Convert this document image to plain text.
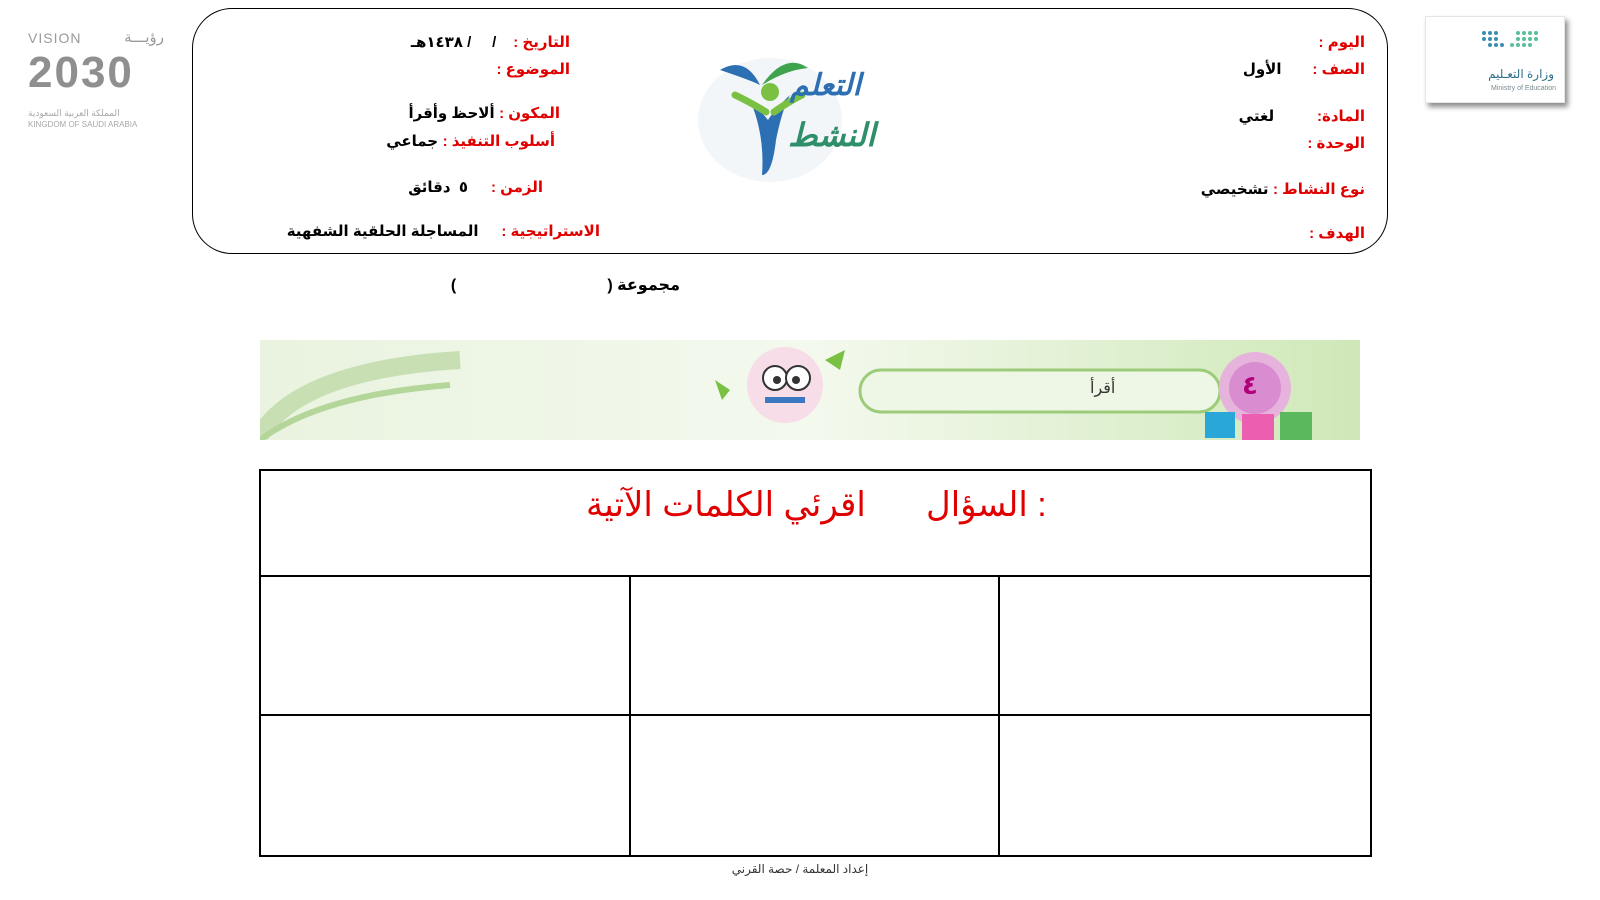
VISION	رؤيـــة
2030
المملكة العربية السعودية
KINGDOM OF SAUDI ARABIA
وزارة التعـليم
Ministry of Education
اليوم :
الصف :  الأول
المادة:  لغتي
الوحدة :
نوع النشاط : تشخيصي
الهدف :
التاريخ :  /     / ١٤٣٨هـ
الموضوع :
المكون : ألاحظ وأقرأ
أسلوب التنفيذ : جماعي
الزمن :  ٥  دقائق
الاستراتيجية :  المساجلة الحلقية الشفهية
التعلم
النشط
مجموعة (                                  )
٤
أقرأ
السؤال :
اقرئي الكلمات الآتية
إعداد المعلمة / حصة القرني
